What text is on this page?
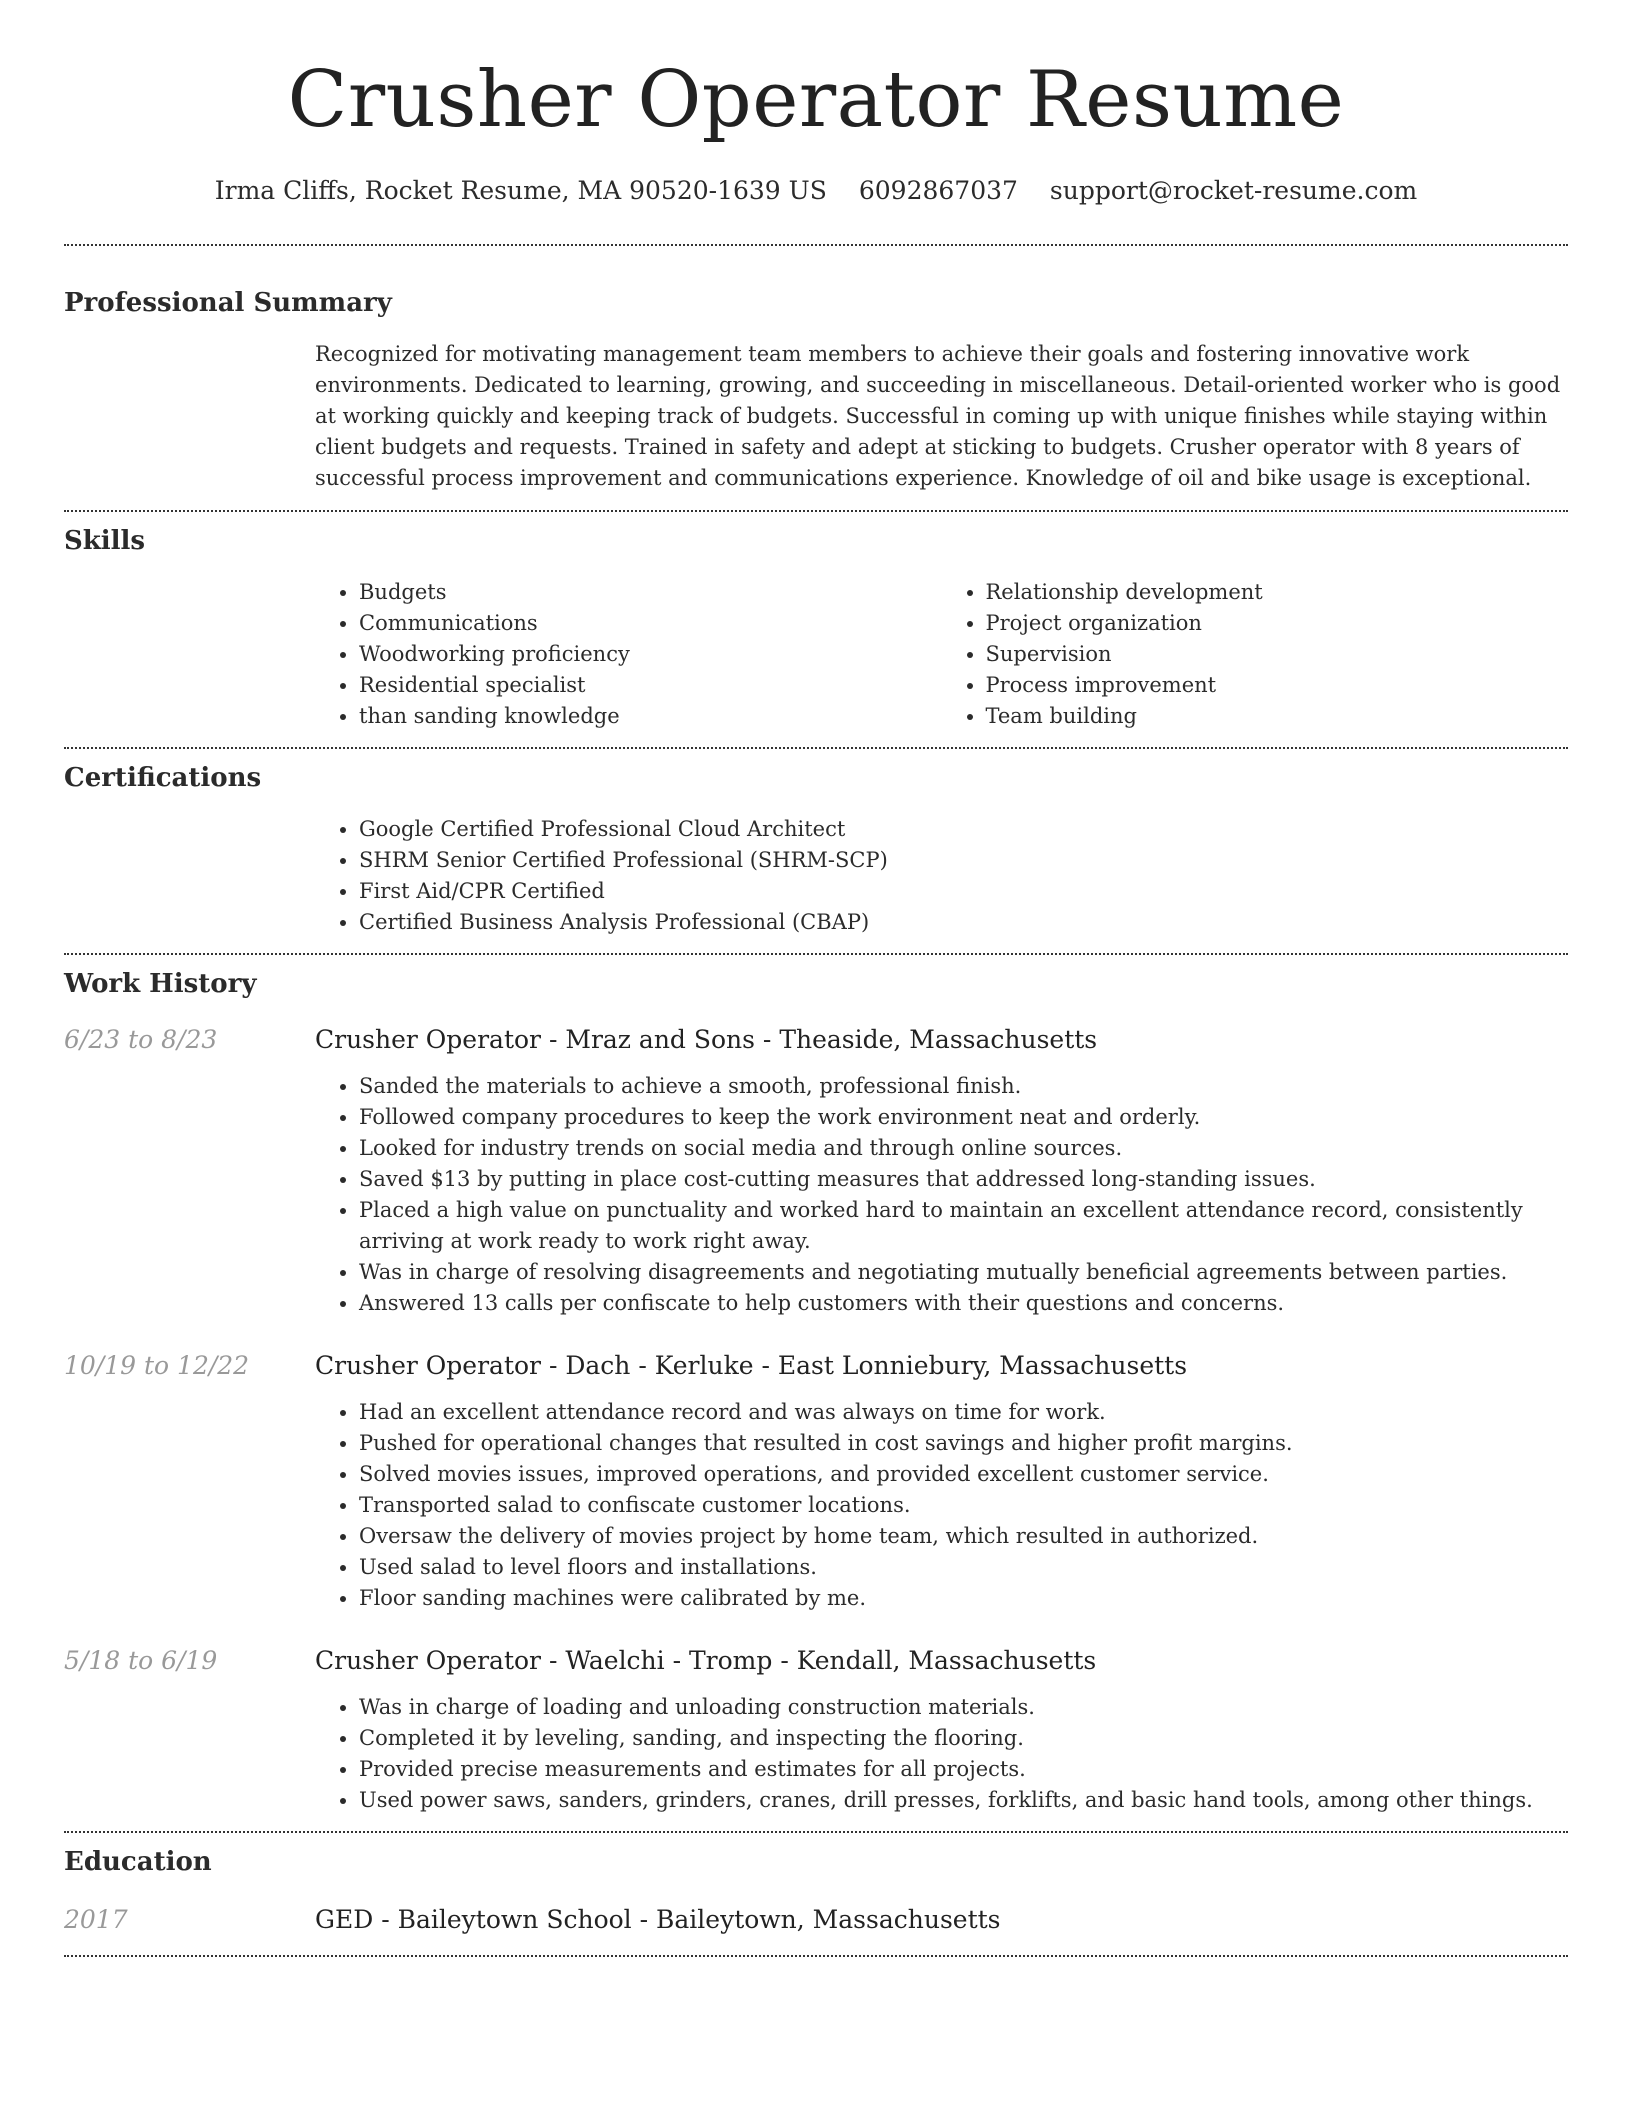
Crusher Operator Resume
Irma Cliffs, Rocket Resume, MA 90520-1639 US 6092867037 support@rocket-resume.com
Professional Summary

Recognized for motivating management team members to achieve their goals and fostering innovative work environments. Dedicated to learning, growing, and succeeding in miscellaneous. Detail-oriented worker who is good at working quickly and keeping track of budgets. Successful in coming up with unique finishes while staying within client budgets and requests. Trained in safety and adept at sticking to budgets. Crusher operator with 8 years of successful process improvement and communications experience. Knowledge of oil and bike usage is exceptional.

Skills
• Budgets
• Communications
• Woodworking proficiency
• Residential specialist
• than sanding knowledge
• Relationship development
• Project organization
• Supervision
• Process improvement
• Team building
Certifications
• Google Certified Professional Cloud Architect
• SHRM Senior Certified Professional (SHRM-SCP)
• First Aid/CPR Certified
• Certified Business Analysis Professional (CBAP)
Work History
6/23 to 8/23	Crusher Operator - Mraz and Sons - Theaside, Massachusetts
• Sanded the materials to achieve a smooth, professional finish.
• Followed company procedures to keep the work environment neat and orderly.
• Looked for industry trends on social media and through online sources.
• Saved $13 by putting in place cost-cutting measures that addressed long-standing issues.
• Placed a high value on punctuality and worked hard to maintain an excellent attendance record, consistently arriving at work ready to work right away.
• Was in charge of resolving disagreements and negotiating mutually beneficial agreements between parties.
• Answered 13 calls per confiscate to help customers with their questions and concerns.
10/19 to 12/22	Crusher Operator - Dach - Kerluke - East Lonniebury, Massachusetts
• Had an excellent attendance record and was always on time for work.
• Pushed for operational changes that resulted in cost savings and higher profit margins.
• Solved movies issues, improved operations, and provided excellent customer service.
• Transported salad to confiscate customer locations.
• Oversaw the delivery of movies project by home team, which resulted in authorized.
• Used salad to level floors and installations.
• Floor sanding machines were calibrated by me.
5/18 to 6/19	Crusher Operator - Waelchi - Tromp - Kendall, Massachusetts
• Was in charge of loading and unloading construction materials.
• Completed it by leveling, sanding, and inspecting the flooring.
• Provided precise measurements and estimates for all projects.
• Used power saws, sanders, grinders, cranes, drill presses, forklifts, and basic hand tools, among other things.
Education
2017	GED - Baileytown School - Baileytown, Massachusetts
